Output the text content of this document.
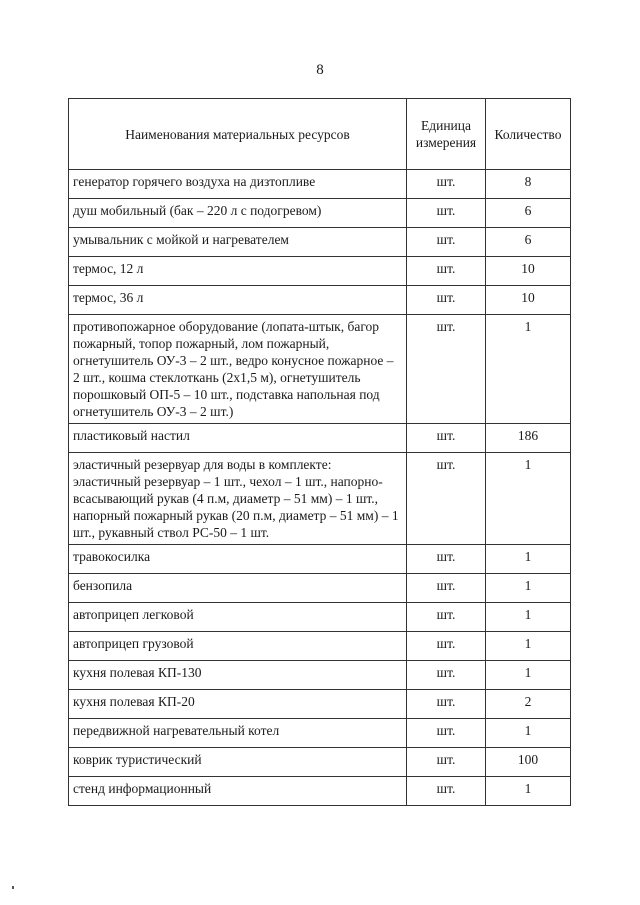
8
Наименования материальных ресурсов	Единица измерения	Количество
генератор горячего воздуха на дизтопливе	шт.	8
душ мобильный (бак – 220 л с подогревом)	шт.	6
умывальник с мойкой и нагревателем	шт.	6
термос, 12 л	шт.	10
термос, 36 л	шт.	10
противопожарное оборудование (лопата-штык, багор пожарный, топор пожарный, лом пожарный, огнетушитель ОУ-3 – 2 шт., ведро конусное пожарное – 2 шт., кошма стеклоткань (2х1,5 м), огнетушитель порошковый ОП-5 – 10 шт., подставка напольная под огнетушитель ОУ-3 – 2 шт.)	шт.	1
пластиковый настил	шт.	186
эластичный резервуар для воды в комплекте: эластичный резервуар – 1 шт., чехол – 1 шт., напорно-всасывающий рукав (4 п.м, диаметр – 51 мм) – 1 шт., напорный пожарный рукав (20 п.м, диаметр – 51 мм) – 1 шт., рукавный ствол РС-50 – 1 шт.	шт.	1
травокосилка	шт.	1
бензопила	шт.	1
автоприцеп легковой	шт.	1
автоприцеп грузовой	шт.	1
кухня полевая КП-130	шт.	1
кухня полевая КП-20	шт.	2
передвижной нагревательный котел	шт.	1
коврик туристический	шт.	100
стенд информационный	шт.	1
